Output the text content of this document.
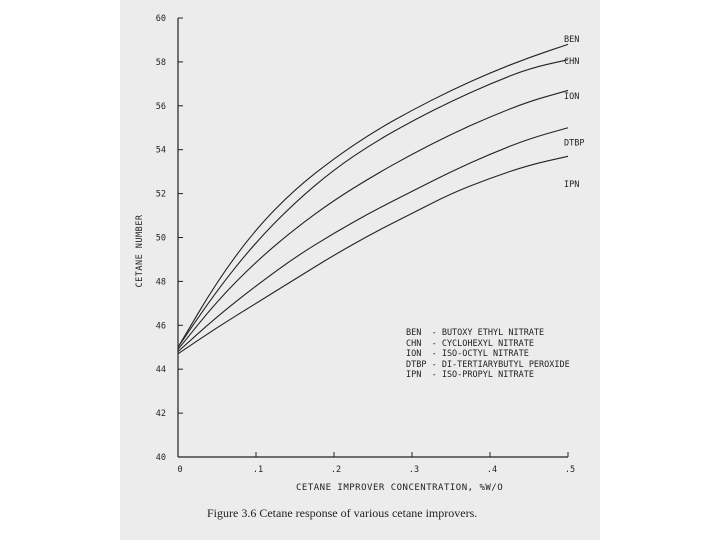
40
42
44
46
48
50
52
54
56
58
60
0	.1	.2	.3	.4	.5
BEN
CHN
ION
DTBP
IPN
CETANE NUMBER
CETANE IMPROVER CONCENTRATION, %W/O
BEN  - BUTOXY ETHYL NITRATE
CHN  - CYCLOHEXYL NITRATE
ION  - ISO-OCTYL NITRATE
DTBP - DI-TERTIARYBUTYL PEROXIDE
IPN  - ISO-PROPYL NITRATE
Figure 3.6 Cetane response of various cetane improvers.
